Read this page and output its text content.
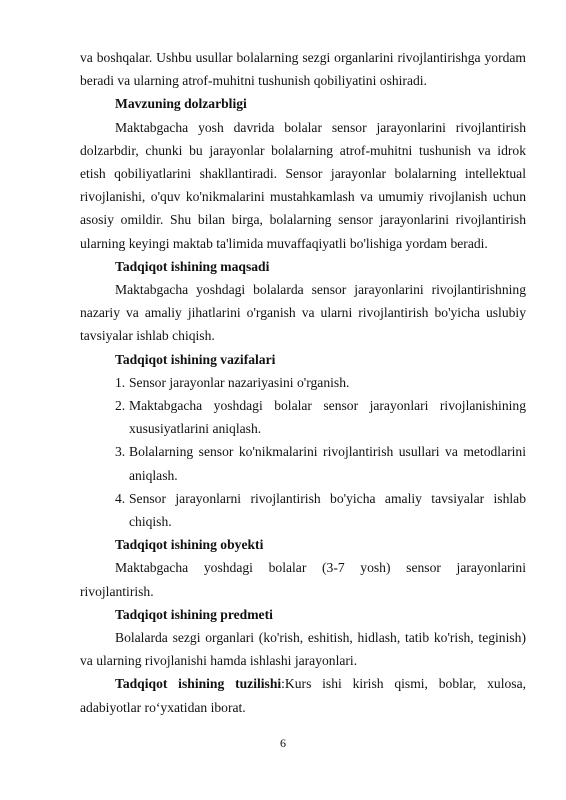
va boshqalar. Ushbu usullar bolalarning sezgi organlarini rivojlantirishga yordam beradi va ularning atrof-muhitni tushunish qobiliyatini oshiradi.

Mavzuning dolzarbligi

Maktabgacha yosh davrida bolalar sensor jarayonlarini rivojlantirish dolzarbdir, chunki bu jarayonlar bolalarning atrof-muhitni tushunish va idrok etish qobiliyatlarini shakllantiradi. Sensor jarayonlar bolalarning intellektual rivojlanishi, o'quv ko'nikmalarini mustahkamlash va umumiy rivojlanish uchun asosiy omildir. Shu bilan birga, bolalarning sensor jarayonlarini rivojlantirish ularning keyingi maktab ta'limida muvaffaqiyatli bo'lishiga yordam beradi.

Tadqiqot ishining maqsadi

Maktabgacha yoshdagi bolalarda sensor jarayonlarini rivojlantirishning nazariy va amaliy jihatlarini o'rganish va ularni rivojlantirish bo'yicha uslubiy tavsiyalar ishlab chiqish.

Tadqiqot ishining vazifalari
1. Sensor jarayonlar nazariyasini o'rganish.
2. Maktabgacha yoshdagi bolalar sensor jarayonlari rivojlanishining xususiyatlarini aniqlash.
3. Bolalarning sensor ko'nikmalarini rivojlantirish usullari va metodlarini aniqlash.
4. Sensor jarayonlarni rivojlantirish bo'yicha amaliy tavsiyalar ishlab chiqish.
Tadqiqot ishining obyekti

Maktabgacha yoshdagi bolalar (3-7 yosh) sensor jarayonlarini rivojlantirish.

Tadqiqot ishining predmeti

Bolalarda sezgi organlari (ko'rish, eshitish, hidlash, tatib ko'rish, teginish) va ularning rivojlanishi hamda ishlashi jarayonlari.

Tadqiqot ishining tuzilishi:Kurs ishi kirish qismi, boblar, xulosa, adabiyotlar ro‘yxatidan iborat.

6
